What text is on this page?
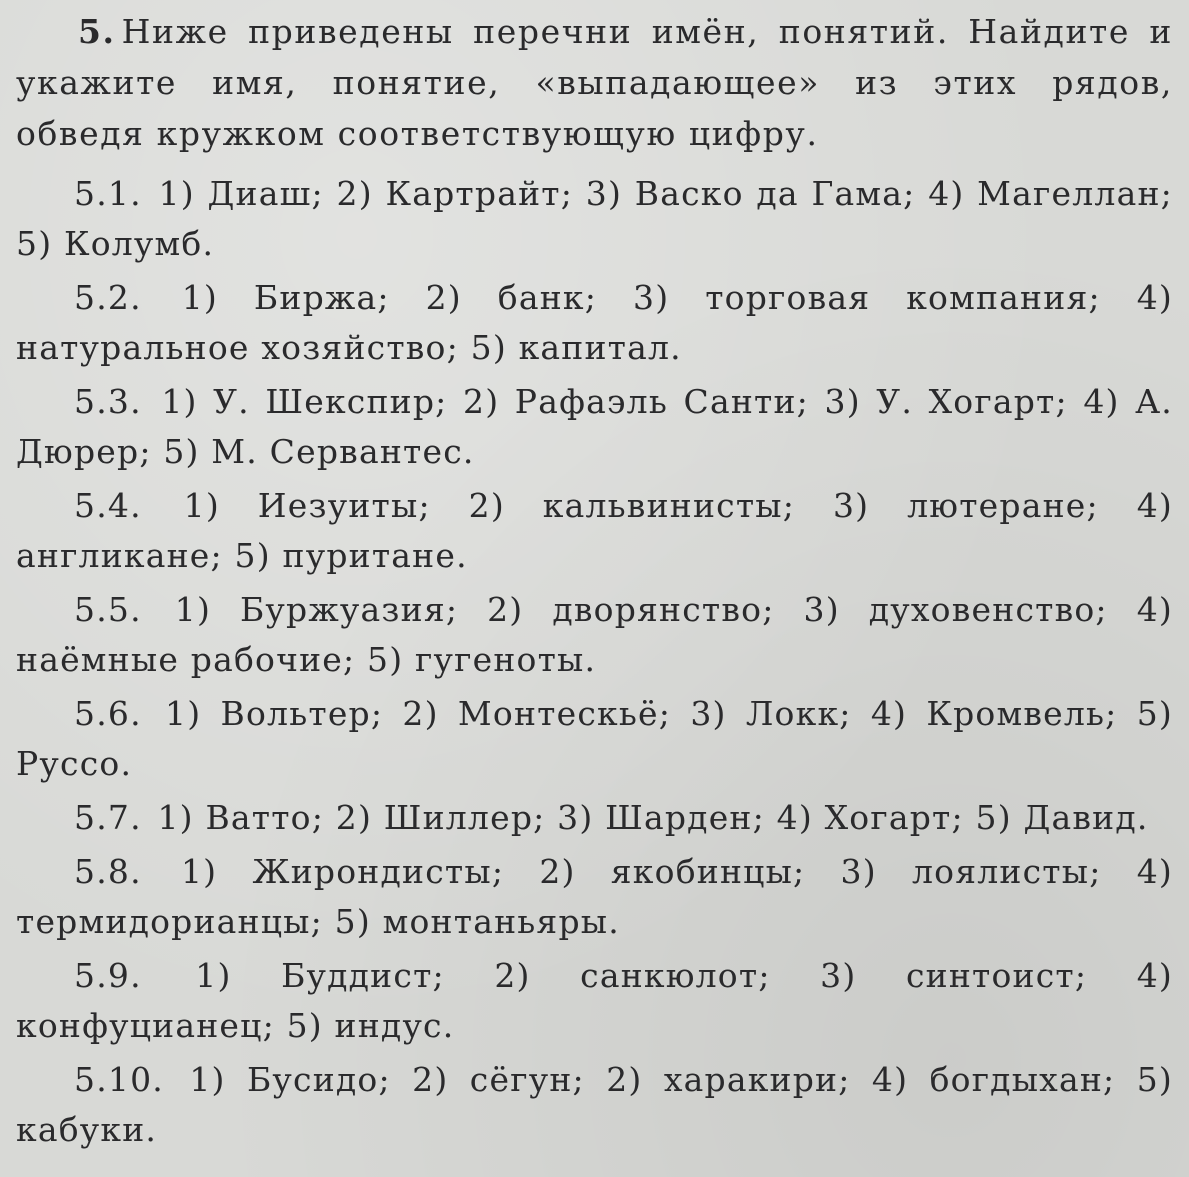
5. Ниже приведены перечни имён, понятий. Найдите и укажите имя, понятие, «выпадающее» из этих рядов, обведя кружком соответствующую цифру.

5.1. 1) Диаш; 2) Картрайт; 3) Васко да Гама; 4) Магеллан; 5) Колумб.

5.2. 1) Биржа; 2) банк; 3) торговая компания; 4) натуральное хозяйство; 5) капитал.

5.3. 1) У. Шекспир; 2) Рафаэль Санти; 3) У. Хогарт; 4) А. Дюрер; 5) М. Сервантес.

5.4. 1) Иезуиты; 2) кальвинисты; 3) лютеране; 4) англикане; 5) пуритане.

5.5. 1) Буржуазия; 2) дворянство; 3) духовенство; 4) наёмные рабочие; 5) гугеноты.

5.6. 1) Вольтер; 2) Монтескьё; 3) Локк; 4) Кромвель; 5) Руссо.

5.7. 1) Ватто; 2) Шиллер; 3) Шарден; 4) Хогарт; 5) Давид.

5.8. 1) Жирондисты; 2) якобинцы; 3) лоялисты; 4) термидорианцы; 5) монтаньяры.

5.9. 1) Буддист; 2) санкюлот; 3) синтоист; 4) конфуцианец; 5) индус.

5.10. 1) Бусидо; 2) сёгун; 2) харакири; 4) богдыхан; 5) кабуки.
